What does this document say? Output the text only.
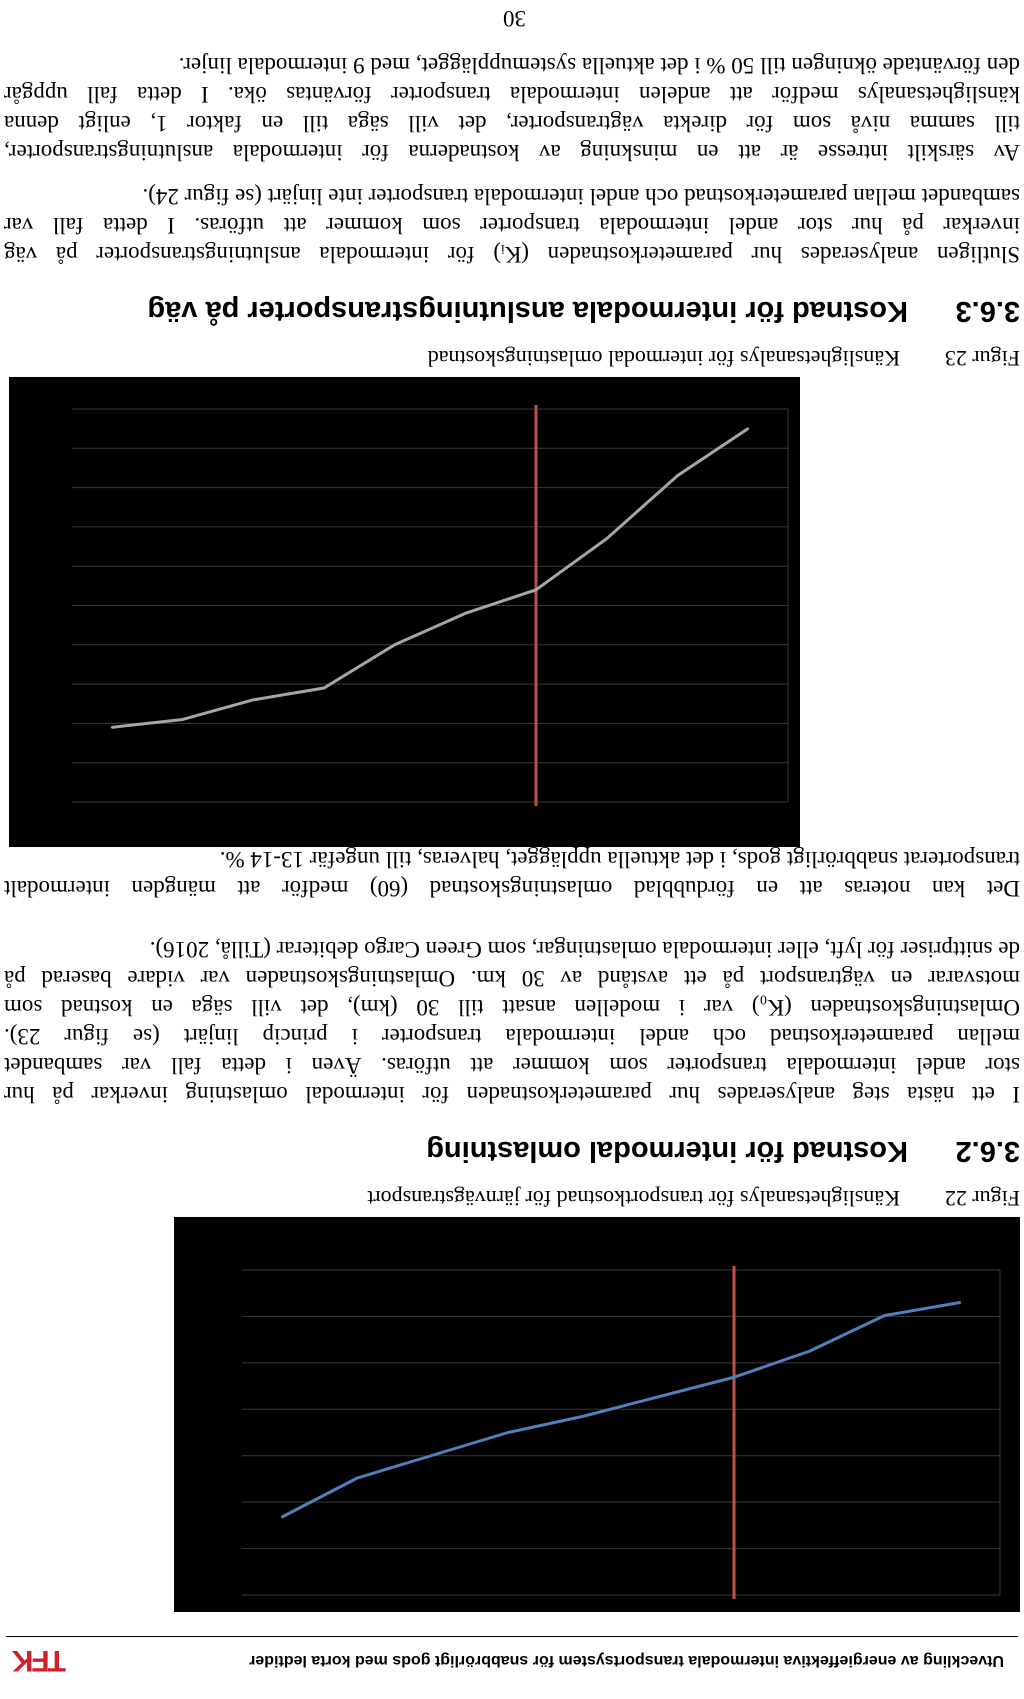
Utveckling av energieffektiva intermodala transportsystem för snabbrörligt gods med korta ledtider
TFK
Figur 22Känslighetsanalys för transportkostnad för järnvägstransport
3.6.2Kostnad för intermodal omlastning
I ett nästa steg analyserades hur parameterkostnaden för intermodal omlastning inverkar på hur
stor andel intermodala transporter som kommer att utföras. Även i detta fall var sambandet
mellan parameterkostnad och andel intermodala transporter i princip linjärt (se figur 23).
Omlastningskostnaden (K₀) var i modellen ansatt till 30 (km), det vill säga en kostnad som
motsvarar en vägtransport på ett avstånd av 30 km. Omlastningskostnaden var vidare baserad på
de snittpriser för lyft, eller intermodala omlastningar, som Green Cargo debiterar (Tillå, 2016).
Det kan noteras att en fördubblad omlastningskostnad (60) medför att mängden intermodalt
transporterat snabbrörligt gods, i det aktuella upplägget, halveras, till ungefär 13-14 %.
Figur 23Känslighetsanalys för intermodal omlastningskostnad
3.6.3Kostnad för intermodala anslutningstransporter på väg
Slutligen analyserades hur parameterkostnaden (Kᵢ) för intermodala anslutningstransporter på väg
inverkar på hur stor andel intermodala transporter som kommer att utföras. I detta fall var
sambandet mellan parameterkostnad och andel intermodala transporter inte linjärt (se figur 24).
Av särskilt intresse är att en minskning av kostnaderna för intermodala anslutningstransporter,
till samma nivå som för direkta vägtransporter, det vill säga till en faktor 1, enligt denna
känslighetsanalys medför att andelen intermodala transporter förväntas öka. I detta fall uppgår
den förväntade ökningen till 50 % i det aktuella systemupplägget, med 9 intermodala linjer.
30
